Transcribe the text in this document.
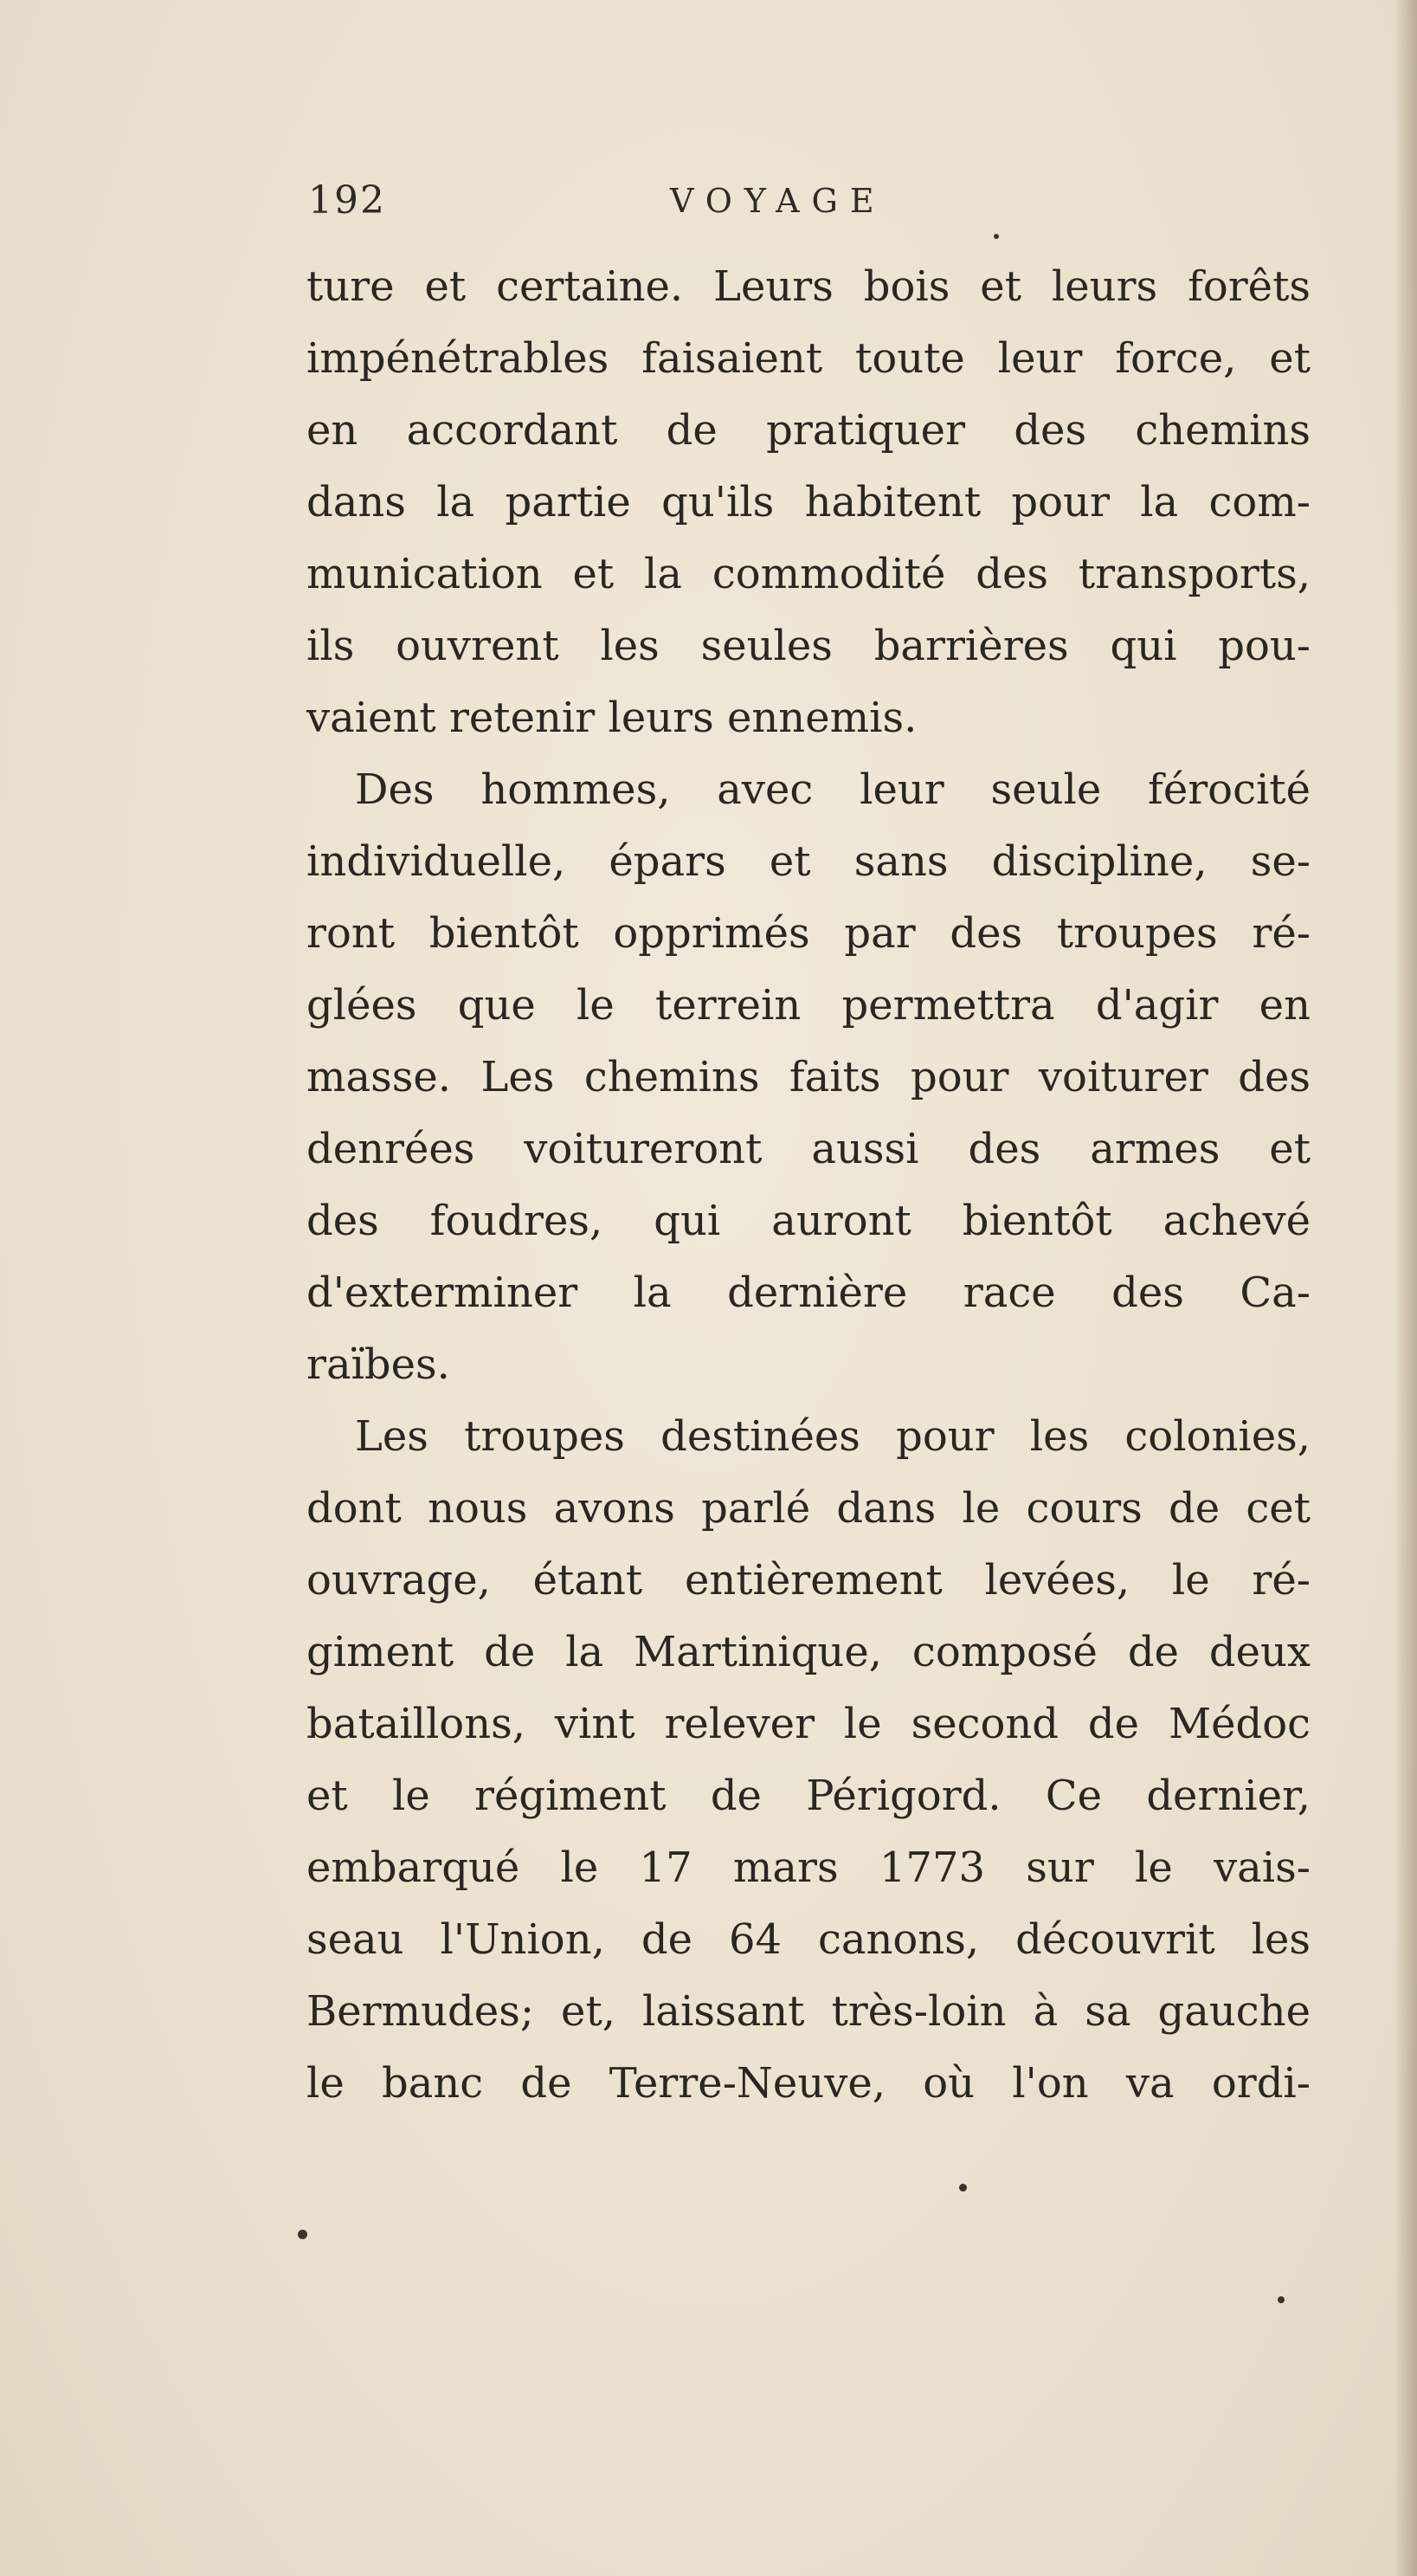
192	VOYAGE
ture et certaine. Leurs bois et leurs forêts
impénétrables faisaient toute leur force, et
en accordant de pratiquer des chemins
dans la partie qu'ils habitent pour la com-
munication et la commodité des transports,
ils ouvrent les seules barrières qui pou-
vaient retenir leurs ennemis.
Des hommes, avec leur seule férocité
individuelle, épars et sans discipline, se-
ront bientôt opprimés par des troupes ré-
glées que le terrein permettra d'agir en
masse. Les chemins faits pour voiturer des
denrées voitureront aussi des armes et
des foudres, qui auront bientôt achevé
d'exterminer la dernière race des Ca-
raïbes.
Les troupes destinées pour les colonies,
dont nous avons parlé dans le cours de cet
ouvrage, étant entièrement levées, le ré-
giment de la Martinique, composé de deux
bataillons, vint relever le second de Médoc
et le régiment de Périgord. Ce dernier,
embarqué le 17 mars 1773 sur le vais-
seau l'Union, de 64 canons, découvrit les
Bermudes; et, laissant très-loin à sa gauche
le banc de Terre-Neuve, où l'on va ordi-
